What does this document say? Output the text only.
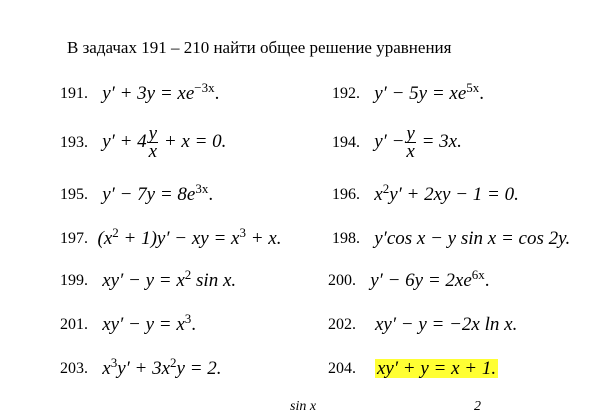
В задачах 191 – 210 найти общее решение уравнения
191. $y' + 3y = xe^{-3x}$.	192. $y' - 5y = xe^{5x}$.
193. $y' + 4 \frac{y}{x} + x = 0$.	194. $y' - \frac{y}{x} = 3x$.
195. $y' - 7y = 8e^{3x}$.	196. $x^2y' + 2xy - 1 = 0$.
197. $(x^2 + 1)y'$ − xy = $x^3 + x$.	198. y′cos x − y sin x = cos 2y.
199. $xy' - y = x^2$ sin x.	200. $y' - 6y = 2xe^{6x}$.
201. $xy' - y = x^3$.	202. xy′ − y = −2x ln x.
203. $x^3y' + 3x^2y = 2$.	204. xy′ + y = x + 1.
sin x	2
